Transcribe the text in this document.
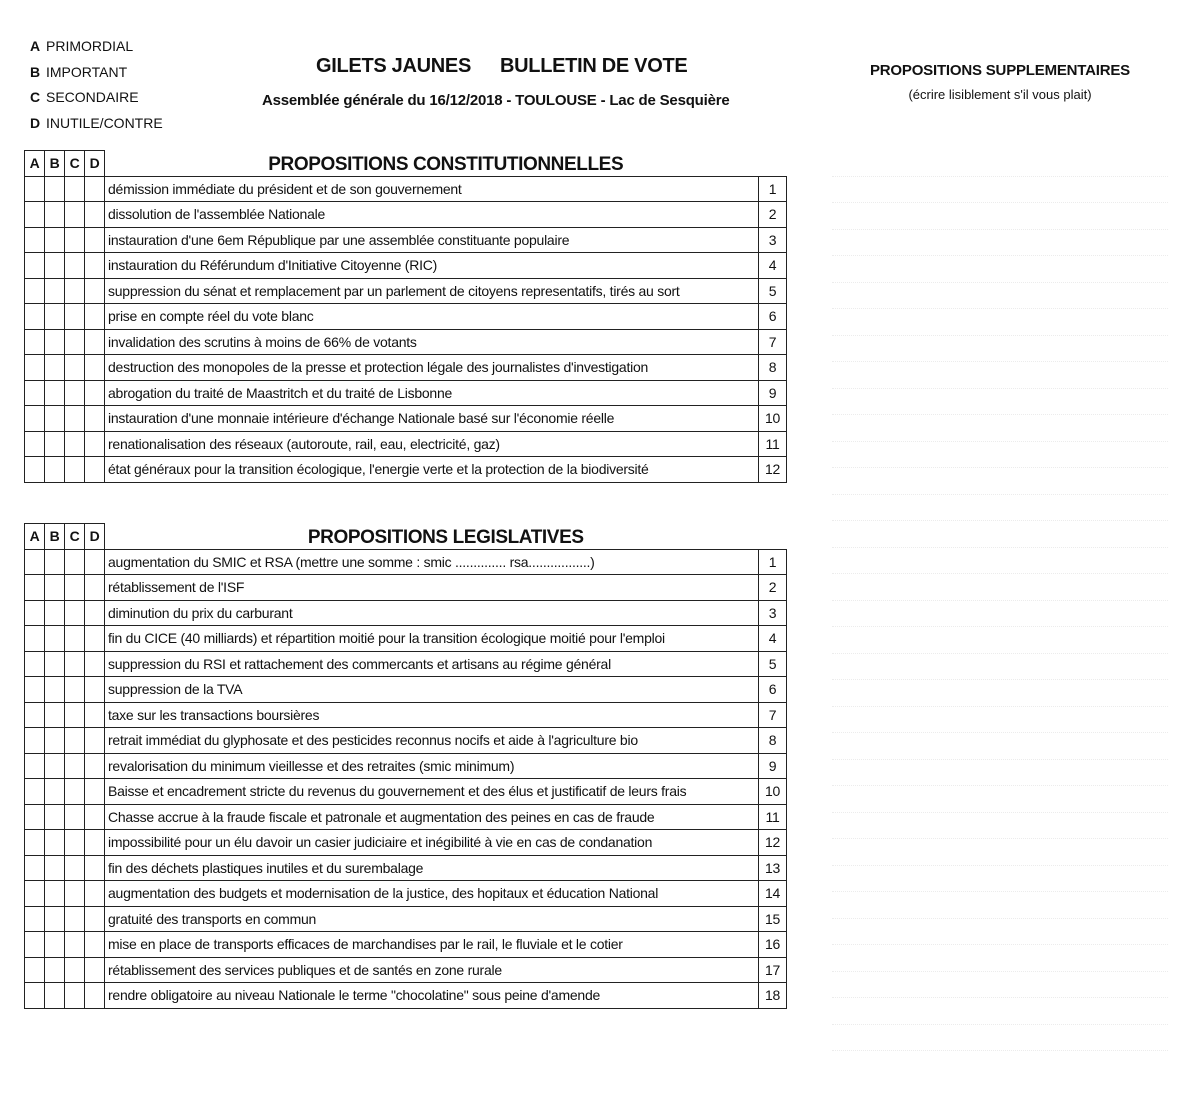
A PRIMORDIAL
B IMPORTANT
C SECONDAIRE
D INUTILE/CONTRE
GILETS JAUNES BULLETIN DE VOTE
Assemblée générale du 16/12/2018 - TOULOUSE - Lac de Sesquière
PROPOSITIONS SUPPLEMENTAIRES
(écrire lisiblement s'il vous plait)
A	B	C	D	PROPOSITIONS CONSTITUTIONNELLES	
				démission immédiate du président et de son gouvernement	1
				dissolution de l'assemblée Nationale	2
				instauration d'une 6em République par une assemblée constituante populaire	3
				instauration du Référundum d'Initiative Citoyenne (RIC)	4
				suppression du sénat et remplacement par un parlement de citoyens representatifs, tirés au sort	5
				prise en compte réel du vote blanc	6
				invalidation des scrutins à moins de 66% de votants	7
				destruction des monopoles de la presse et protection légale des journalistes d'investigation	8
				abrogation du traité de Maastritch et du traité de Lisbonne	9
				instauration d'une monnaie intérieure d'échange Nationale basé sur l'économie réelle	10
				renationalisation des réseaux (autoroute, rail, eau, electricité, gaz)	11
				état généraux pour la transition écologique, l'energie verte et la protection de la biodiversité	12
A	B	C	D	PROPOSITIONS LEGISLATIVES	
				augmentation du SMIC et RSA (mettre une somme : smic .............. rsa.................)	1
				rétablissement de l'ISF	2
				diminution du prix du carburant	3
				fin du CICE (40 milliards) et répartition moitié pour la transition écologique moitié pour l'emploi	4
				suppression du RSI et rattachement des commercants et artisans au régime général	5
				suppression de la TVA	6
				taxe sur les transactions boursières	7
				retrait immédiat du glyphosate et des pesticides reconnus nocifs et aide à l'agriculture bio	8
				revalorisation du minimum vieillesse et des retraites (smic minimum)	9
				Baisse et encadrement stricte du revenus du gouvernement et des élus et justificatif de leurs frais	10
				Chasse accrue à la fraude fiscale et patronale et augmentation des peines en cas de fraude	11
				impossibilité pour un élu davoir un casier judiciaire et inégibilité à vie en cas de condanation	12
				fin des déchets plastiques inutiles et du surembalage	13
				augmentation des budgets et modernisation de la justice, des hopitaux et éducation National	14
				gratuité des transports en commun	15
				mise en place de transports efficaces de marchandises par le rail, le fluviale et le cotier	16
				rétablissement des services publiques et de santés en zone rurale	17
				rendre obligatoire au niveau Nationale le terme "chocolatine" sous peine d'amende	18
